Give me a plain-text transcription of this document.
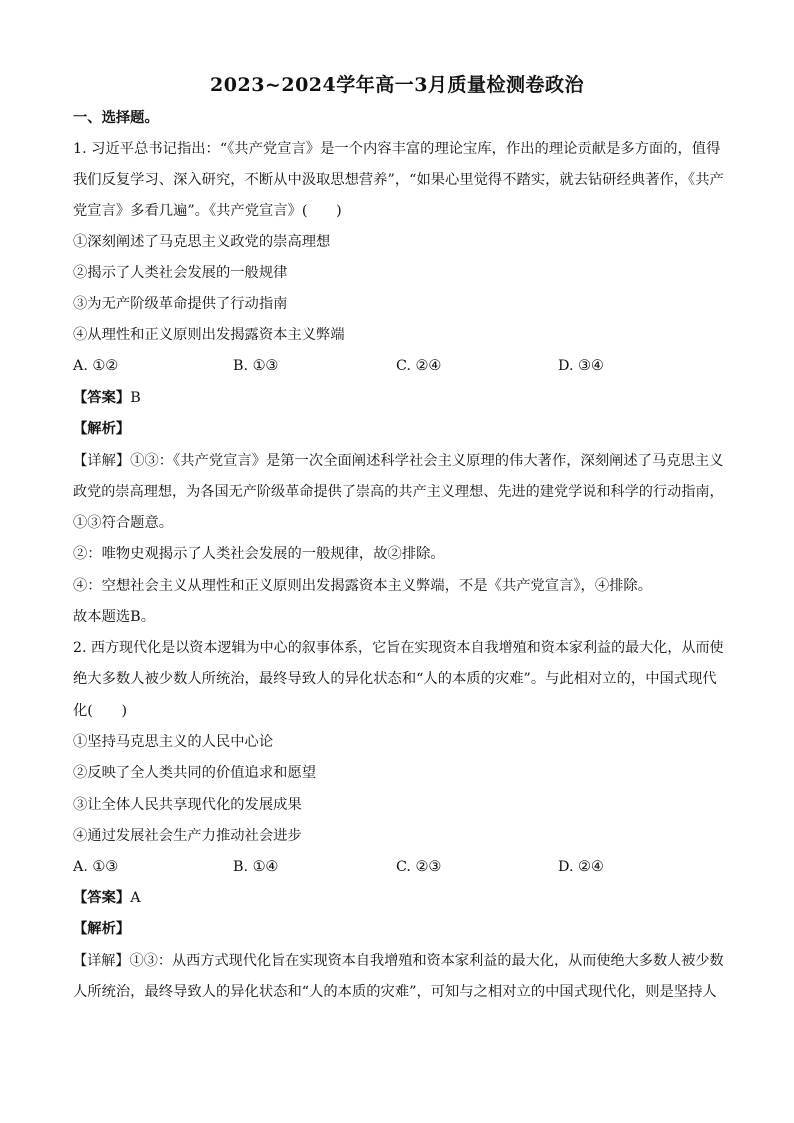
2023~2024学年高一3月质量检测卷政治
一、选择题。
1. 习近平总书记指出：“《共产党宣言》是一个内容丰富的理论宝库，作出的理论贡献是多方面的，值得
我们反复学习、深入研究，不断从中汲取思想营养”，“如果心里觉得不踏实，就去钻研经典著作，《共产
党宣言》多看几遍”。《共产党宣言》(　　)
①深刻阐述了马克思主义政党的崇高理想
②揭示了人类社会发展的一般规律
③为无产阶级革命提供了行动指南
④从理性和正义原则出发揭露资本主义弊端
A. ①②	B. ①③	C. ②④	D. ③④
【答案】B
【解析】
【详解】①③：《共产党宣言》是第一次全面阐述科学社会主义原理的伟大著作，深刻阐述了马克思主义
政党的崇高理想，为各国无产阶级革命提供了崇高的共产主义理想、先进的建党学说和科学的行动指南，
①③符合题意。
②：唯物史观揭示了人类社会发展的一般规律，故②排除。
④：空想社会主义从理性和正义原则出发揭露资本主义弊端，不是《共产党宣言》，④排除。
故本题选B。
2. 西方现代化是以资本逻辑为中心的叙事体系，它旨在实现资本自我增殖和资本家利益的最大化，从而使
绝大多数人被少数人所统治，最终导致人的异化状态和“人的本质的灾难”。与此相对立的，中国式现代
化(　　)
①坚持马克思主义的人民中心论
②反映了全人类共同的价值追求和愿望
③让全体人民共享现代化的发展成果
④通过发展社会生产力推动社会进步
A. ①③	B. ①④	C. ②③	D. ②④
【答案】A
【解析】
【详解】①③：从西方式现代化旨在实现资本自我增殖和资本家利益的最大化，从而使绝大多数人被少数
人所统治，最终导致人的异化状态和“人的本质的灾难”，可知与之相对立的中国式现代化，则是坚持人
